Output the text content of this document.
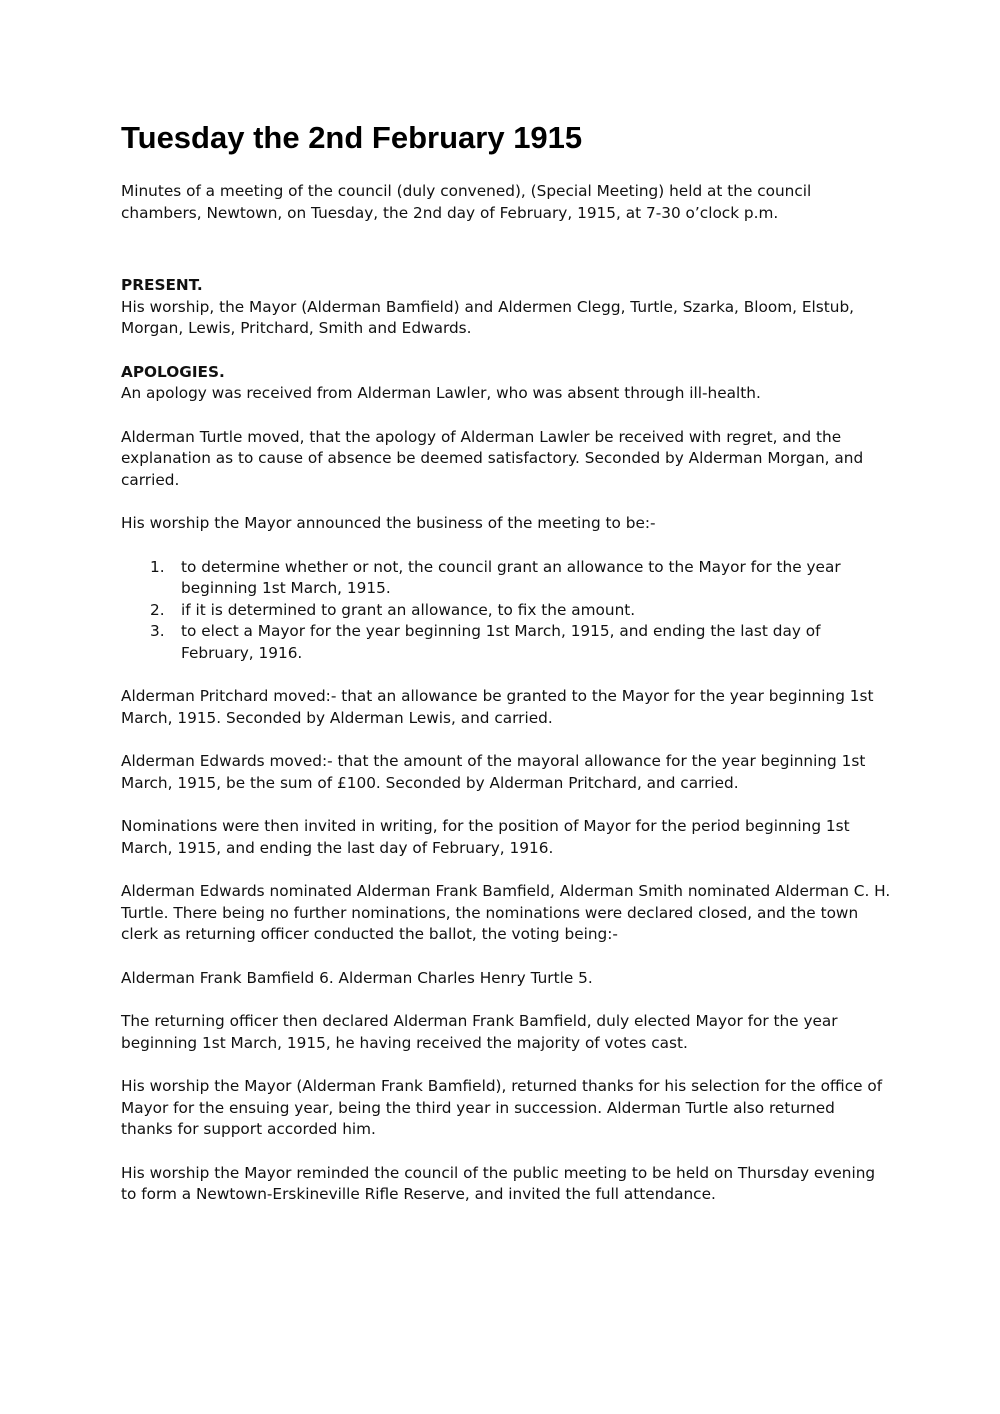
Tuesday the 2nd February 1915

Minutes of a meeting of the council (duly convened), (Special Meeting) held at the council chambers, Newtown, on Tuesday, the 2nd day of February, 1915, at 7-30 o’clock p.m.

PRESENT.

His worship, the Mayor (Alderman Bamfield) and Aldermen Clegg, Turtle, Szarka, Bloom, Elstub, Morgan, Lewis, Pritchard, Smith and Edwards.

APOLOGIES.

An apology was received from Alderman Lawler, who was absent through ill-health.

Alderman Turtle moved, that the apology of Alderman Lawler be received with regret, and the explanation as to cause of absence be deemed satisfactory. Seconded by Alderman Morgan, and carried.

His worship the Mayor announced the business of the meeting to be:-

1. to determine whether or not, the council grant an allowance to the Mayor for the year beginning 1st March, 1915.
2. if it is determined to grant an allowance, to fix the amount.
3. to elect a Mayor for the year beginning 1st March, 1915, and ending the last day of February, 1916.

Alderman Pritchard moved:- that an allowance be granted to the Mayor for the year beginning 1st March, 1915. Seconded by Alderman Lewis, and carried.

Alderman Edwards moved:- that the amount of the mayoral allowance for the year beginning 1st March, 1915, be the sum of £100. Seconded by Alderman Pritchard, and carried.

Nominations were then invited in writing, for the position of Mayor for the period beginning 1st March, 1915, and ending the last day of February, 1916.

Alderman Edwards nominated Alderman Frank Bamfield, Alderman Smith nominated Alderman C. H. Turtle. There being no further nominations, the nominations were declared closed, and the town clerk as returning officer conducted the ballot, the voting being:-

Alderman Frank Bamfield 6. Alderman Charles Henry Turtle 5.

The returning officer then declared Alderman Frank Bamfield, duly elected Mayor for the year beginning 1st March, 1915, he having received the majority of votes cast.

His worship the Mayor (Alderman Frank Bamfield), returned thanks for his selection for the office of Mayor for the ensuing year, being the third year in succession. Alderman Turtle also returned thanks for support accorded him.

His worship the Mayor reminded the council of the public meeting to be held on Thursday evening to form a Newtown-Erskineville Rifle Reserve, and invited the full attendance.
